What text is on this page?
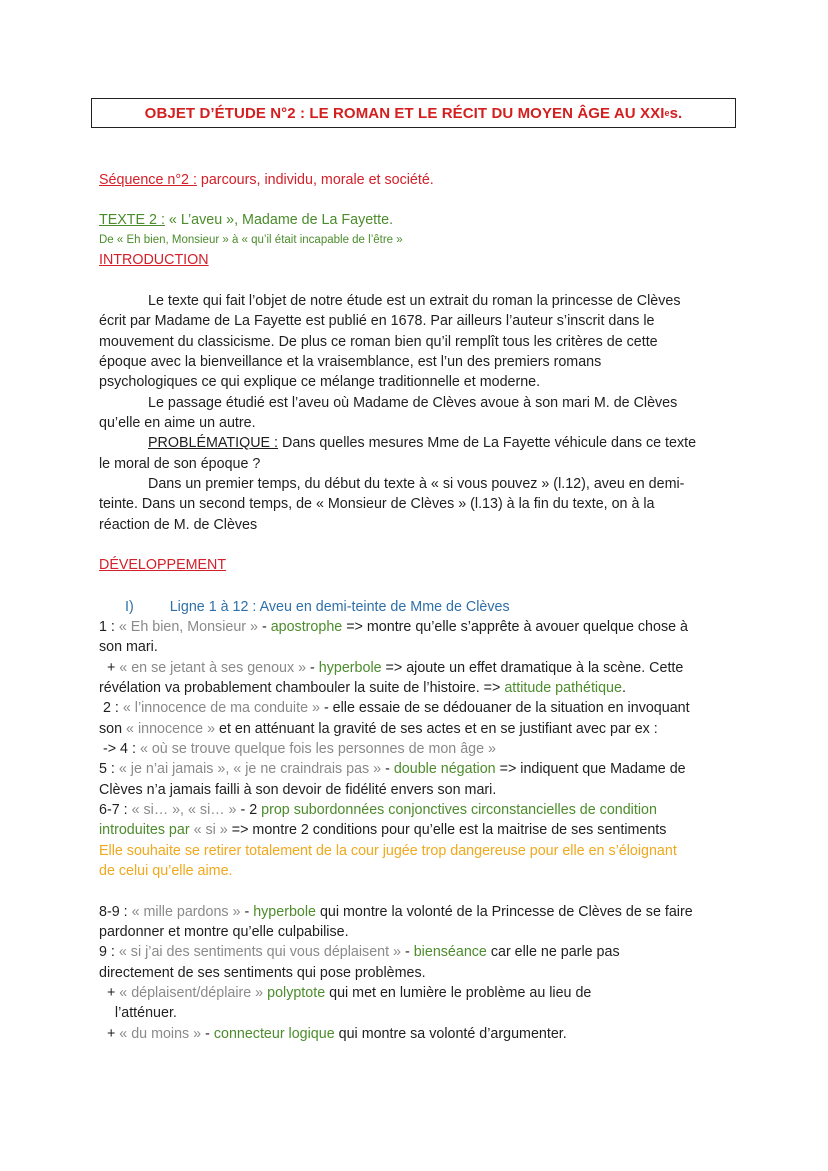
OBJET D’ÉTUDE N°2 : LE ROMAN ET LE RÉCIT DU MOYEN ÂGE AU XXI e s.
Séquence n°2 : parcours, individu, morale et société.
TEXTE 2 : « L’aveu », Madame de La Fayette.
De « Eh bien, Monsieur » à « qu’il était incapable de l’être »
INTRODUCTION
Le texte qui fait l’objet de notre étude est un extrait du roman la princesse de Clèves
écrit par Madame de La Fayette est publié en 1678. Par ailleurs l’auteur s’inscrit dans le
mouvement du classicisme. De plus ce roman bien qu’il remplît tous les critères de cette
époque avec la bienveillance et la vraisemblance, est l’un des premiers romans
psychologiques ce qui explique ce mélange traditionnelle et moderne.
Le passage étudié est l’aveu où Madame de Clèves avoue à son mari M. de Clèves
qu’elle en aime un autre.
PROBLÉMATIQUE : Dans quelles mesures Mme de La Fayette véhicule dans ce texte
le moral de son époque ?
Dans un premier temps, du début du texte à « si vous pouvez » (l.12), aveu en demi-
teinte. Dans un second temps, de « Monsieur de Clèves » (l.13) à la fin du texte, on à la
réaction de M. de Clèves
DÉVELOPPEMENT
I)	Ligne 1 à 12 : Aveu en demi-teinte de Mme de Clèves
1 : « Eh bien, Monsieur » - apostrophe => montre qu’elle s’apprête à avouer quelque chose à
son mari.
+ « en se jetant à ses genoux » - hyperbole => ajoute un effet dramatique à la scène. Cette
révélation va probablement chambouler la suite de l’histoire. => attitude pathétique.
2 : « l’innocence de ma conduite » - elle essaie de se dédouaner de la situation en invoquant
son « innocence » et en atténuant la gravité de ses actes et en se justifiant avec par ex :
-> 4 : « où se trouve quelque fois les personnes de mon âge »
5 : « je n’ai jamais », « je ne craindrais pas » - double négation => indiquent que Madame de
Clèves n’a jamais failli à son devoir de fidélité envers son mari.
6-7 : « si… », « si… » - 2 prop subordonnées conjonctives circonstancielles de condition
introduites par « si » => montre 2 conditions pour qu’elle est la maitrise de ses sentiments
Elle souhaite se retirer totalement de la cour jugée trop dangereuse pour elle en s’éloignant
de celui qu’elle aime.
8-9 : « mille pardons » - hyperbole qui montre la volonté de la Princesse de Clèves de se faire
pardonner et montre qu’elle culpabilise.
9 : « si j’ai des sentiments qui vous déplaisent » - bienséance car elle ne parle pas
directement de ses sentiments qui pose problèmes.
+ « déplaisent/déplaire » polyptote qui met en lumière le problème au lieu de
l’atténuer.
+ « du moins » - connecteur logique qui montre sa volonté d’argumenter.
